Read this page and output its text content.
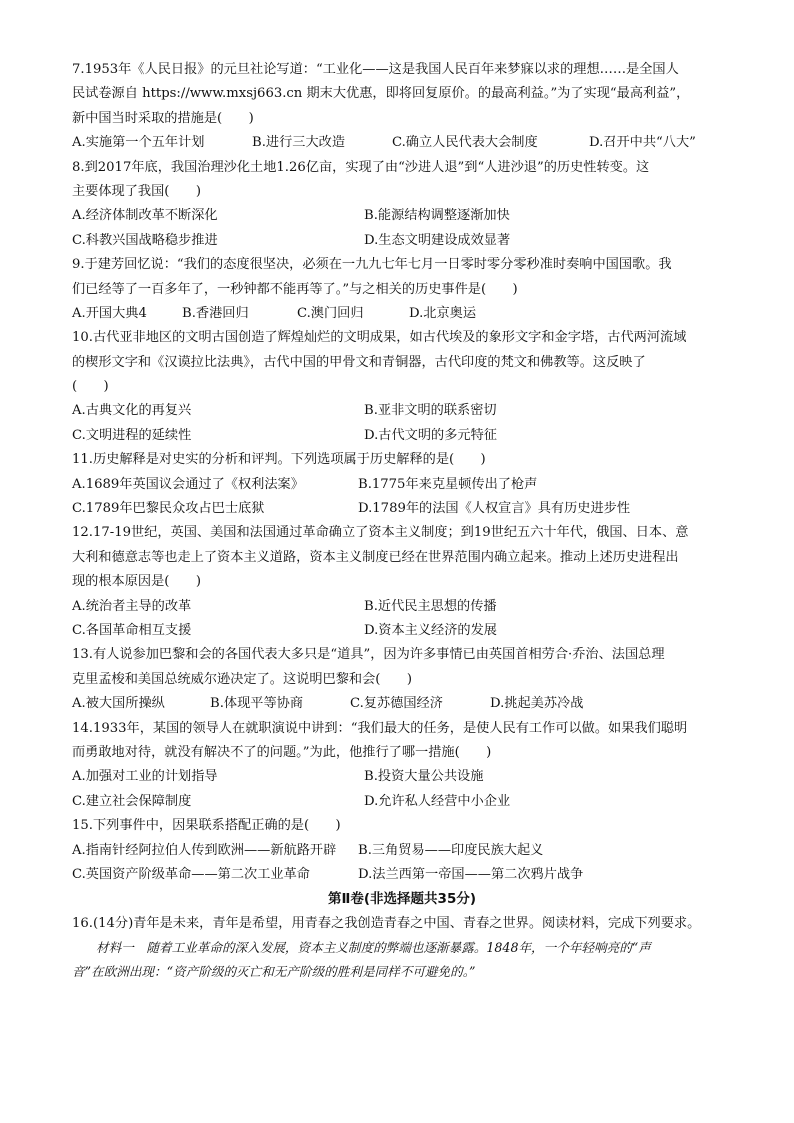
7.1953年《人民日报》的元旦社论写道：“工业化——这是我国人民百年来梦寐以求的理想……是全国人
民试卷源自 https://www.mxsj663.cn 期末大优惠，即将回复原价。的最高利益。”为了实现“最高利益”，
新中国当时采取的措施是(　　)
A.实施第一个五年计划	B.进行三大改造	C.确立人民代表大会制度	D.召开中共“八大”
8.到2017年底，我国治理沙化土地1.26亿亩，实现了由“沙进人退”到“人进沙退”的历史性转变。这
主要体现了我国(　　)
A.经济体制改革不断深化	B.能源结构调整逐渐加快
C.科教兴国战略稳步推进	D.生态文明建设成效显著
9.于建芳回忆说：“我们的态度很坚决，必须在一九九七年七月一日零时零分零秒准时奏响中国国歌。我
们已经等了一百多年了，一秒钟都不能再等了。”与之相关的历史事件是(　　)
A.开国大典4	B.香港回归	C.澳门回归	D.北京奥运
10.古代亚非地区的文明古国创造了辉煌灿烂的文明成果，如古代埃及的象形文字和金字塔，古代两河流域
的楔形文字和《汉谟拉比法典》，古代中国的甲骨文和青铜器，古代印度的梵文和佛教等。这反映了
(　　)
A.古典文化的再复兴	B.亚非文明的联系密切
C.文明进程的延续性	D.古代文明的多元特征
11.历史解释是对史实的分析和评判。下列选项属于历史解释的是(　　)
A.1689年英国议会通过了《权利法案》	B.1775年来克星顿传出了枪声
C.1789年巴黎民众攻占巴士底狱	D.1789年的法国《人权宣言》具有历史进步性
12.17-19世纪，英国、美国和法国通过革命确立了资本主义制度；到19世纪五六十年代，俄国、日本、意
大利和德意志等也走上了资本主义道路，资本主义制度已经在世界范围内确立起来。推动上述历史进程出
现的根本原因是(　　)
A.统治者主导的改革	B.近代民主思想的传播
C.各国革命相互支援	D.资本主义经济的发展
13.有人说参加巴黎和会的各国代表大多只是“道具”，因为许多事情已由英国首相劳合·乔治、法国总理
克里孟梭和美国总统威尔逊决定了。这说明巴黎和会(　　)
A.被大国所操纵	B.体现平等协商	C.复苏德国经济	D.挑起美苏冷战
14.1933年，某国的领导人在就职演说中讲到：“我们最大的任务，是使人民有工作可以做。如果我们聪明
而勇敢地对待，就没有解决不了的问题。”为此，他推行了哪一措施(　　)
A.加强对工业的计划指导	B.投资大量公共设施
C.建立社会保障制度	D.允许私人经营中小企业
15.下列事件中，因果联系搭配正确的是(　　)
A.指南针经阿拉伯人传到欧洲——新航路开辟	B.三角贸易——印度民族大起义
C.英国资产阶级革命——第二次工业革命	D.法兰西第一帝国——第二次鸦片战争
第Ⅱ卷(非选择题共35分)
16.(14分)青年是未来，青年是希望，用青春之我创造青春之中国、青春之世界。阅读材料，完成下列要求。
材料一　随着工业革命的深入发展，资本主义制度的弊端也逐渐暴露。1848年，一个年轻响亮的“声
音”在欧洲出现：“资产阶级的灭亡和无产阶级的胜利是同样不可避免的。”
